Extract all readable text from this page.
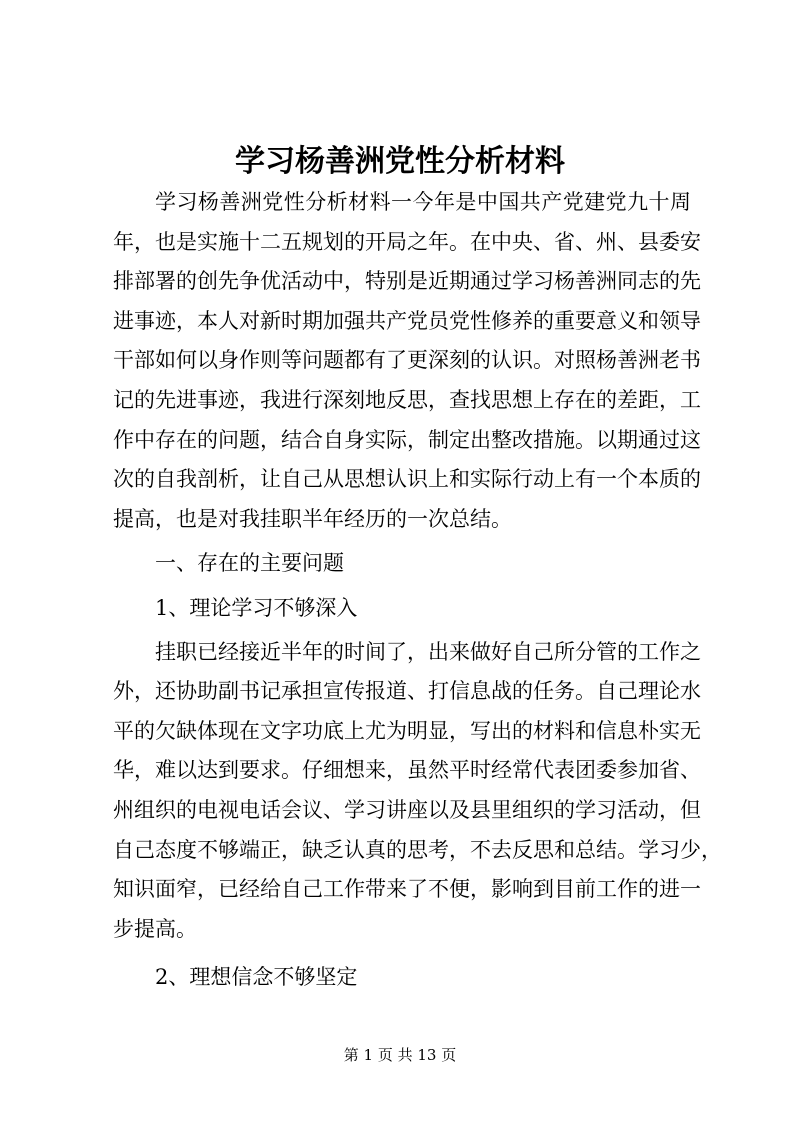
学习杨善洲党性分析材料
学习杨善洲党性分析材料一今年是中国共产党建党九十周
年，也是实施十二五规划的开局之年。在中央、省、州、县委安
排部署的创先争优活动中，特别是近期通过学习杨善洲同志的先
进事迹，本人对新时期加强共产党员党性修养的重要意义和领导
干部如何以身作则等问题都有了更深刻的认识。对照杨善洲老书
记的先进事迹，我进行深刻地反思，查找思想上存在的差距，工
作中存在的问题，结合自身实际，制定出整改措施。以期通过这
次的自我剖析，让自己从思想认识上和实际行动上有一个本质的
提高，也是对我挂职半年经历的一次总结。

一、存在的主要问题

1、理论学习不够深入

挂职已经接近半年的时间了，出来做好自己所分管的工作之
外，还协助副书记承担宣传报道、打信息战的任务。自己理论水
平的欠缺体现在文字功底上尤为明显，写出的材料和信息朴实无
华，难以达到要求。仔细想来，虽然平时经常代表团委参加省、
州组织的电视电话会议、学习讲座以及县里组织的学习活动，但
自己态度不够端正，缺乏认真的思考，不去反思和总结。学习少，
知识面窄，已经给自己工作带来了不便，影响到目前工作的进一
步提高。

2、理想信念不够坚定

第 1 页 共 13 页
